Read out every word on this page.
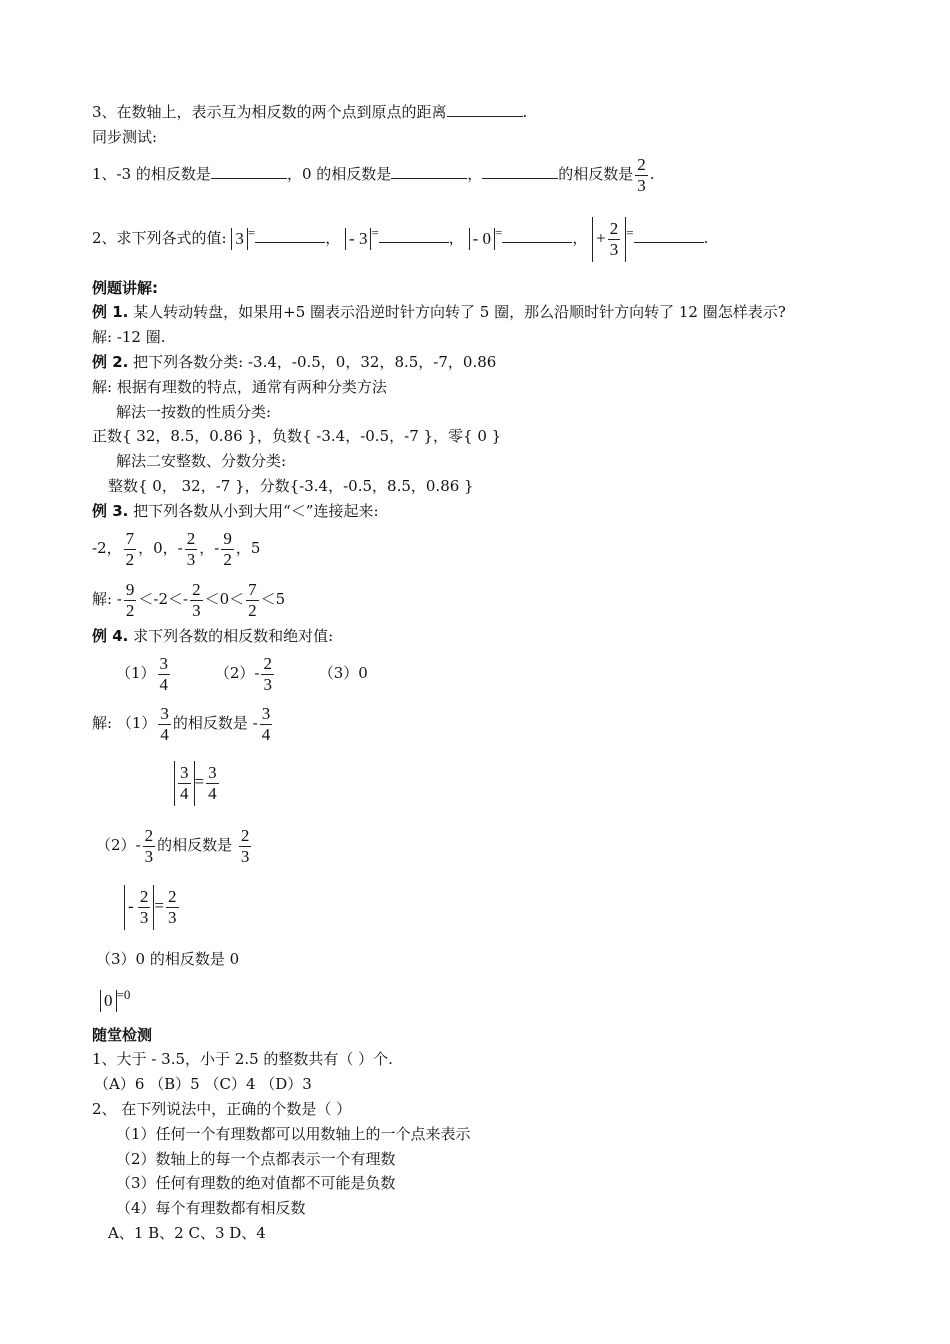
3、在数轴上，表示互为相反数的两个点到原点的距离	.
同步测试:
1、-3 的相反数是	，0 的相反数是	，	的相反数是 $\frac{2}{3}$ .
2、求下列各式的值: 3 =	， - 3 =	， - 0 =	， + $\frac{2}{3}$ =	.
例题讲解:
例 1. 某人转动转盘，如果用+5 圈表示沿逆时针方向转了 5 圈，那么沿顺时针方向转了 12 圈怎样表示?
解: -12 圈.
例 2. 把下列各数分类: -3.4，-0.5，0，32，8.5，-7，0.86
解: 根据有理数的特点，通常有两种分类方法
解法一按数的性质分类:
正数{ 32，8.5，0.86 }，负数{ -3.4，-0.5，-7 }，零{ 0 }
解法二安整数、分数分类:
整数{ 0， 32，-7 }，分数{-3.4，-0.5，8.5，0.86 }
例 3. 把下列各数从小到大用“＜”连接起来:
-2， $\frac{7}{2}$ ，0，- $\frac{2}{3}$ ，- $\frac{9}{2}$ ，5
解: - $\frac{9}{2} <-2<- \frac{2}{3} <0< \frac{7}{2} <5$
例 4. 求下列各数的相反数和绝对值:
$(1) \frac{3}{4}$	$(2)- \frac{2}{3}$	（3）0
解: $(1) \frac{3}{4}$ 的相反数是 - $\frac{3}{4}$
$\frac{3}{4} = \frac{3}{4}$
$(2)- \frac{2}{3}$ 的相反数是 $\frac{2}{3}$
- $\frac{2}{3} = \frac{2}{3}$
（3）0 的相反数是 0
0 =0
随堂检测
1、大于 - 3.5，小于 2.5 的整数共有（ ）个.
（A）6 （B）5 （C）4 （D）3
2、 在下列说法中，正确的个数是（ ）
（1）任何一个有理数都可以用数轴上的一个点来表示
（2）数轴上的每一个点都表示一个有理数
（3）任何有理数的绝对值都不可能是负数
（4）每个有理数都有相反数
A、1 B、2 C、3 D、4
